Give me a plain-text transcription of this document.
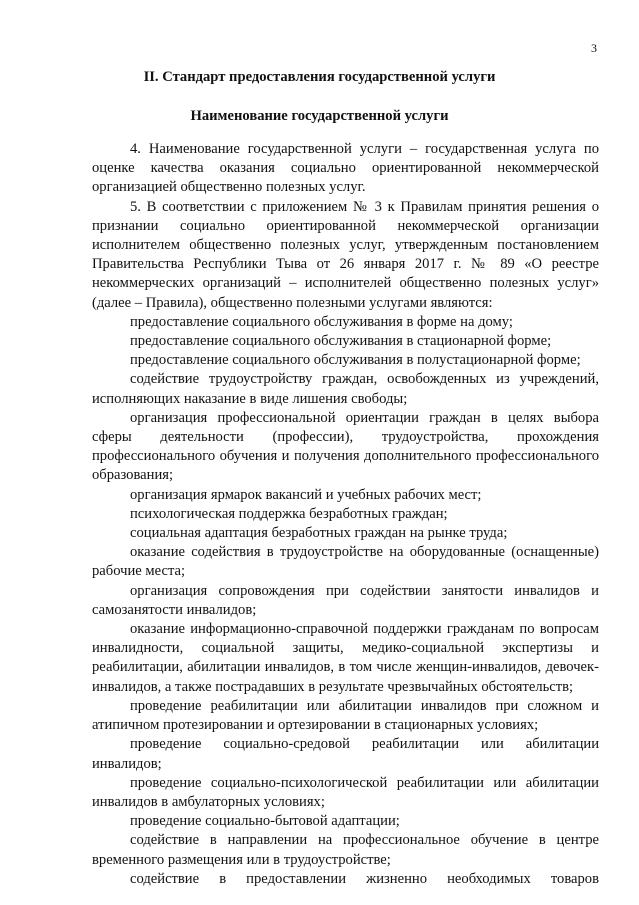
3
II. Стандарт предоставления государственной услуги
Наименование государственной услуги

4. Наименование государственной услуги – государственная услуга по оценке качества оказания социально ориентированной некоммерческой организацией общественно полезных услуг.

5. В соответствии с приложением № 3 к Правилам принятия решения о признании социально ориентированной некоммерческой организации исполнителем общественно полезных услуг, утвержденным постановлением Правительства Республики Тыва от 26 января 2017 г. № 89 «О реестре некоммерческих организаций – исполнителей общественно полезных услуг» (далее – Правила), общественно полезными услугами являются:

предоставление социального обслуживания в форме на дому;

предоставление социального обслуживания в стационарной форме;

предоставление социального обслуживания в полустационарной форме;

содействие трудоустройству граждан, освобожденных из учреждений, исполняющих наказание в виде лишения свободы;

организация профессиональной ориентации граждан в целях выбора сферы деятельности (профессии), трудоустройства, прохождения профессионального обучения и получения дополнительного профессионального образования;

организация ярмарок вакансий и учебных рабочих мест;

психологическая поддержка безработных граждан;

социальная адаптация безработных граждан на рынке труда;

оказание содействия в трудоустройстве на оборудованные (оснащенные) рабочие места;

организация сопровождения при содействии занятости инвалидов и самозанятости инвалидов;

оказание информационно-справочной поддержки гражданам по вопросам инвалидности, социальной защиты, медико-социальной экспертизы и реабилитации, абилитации инвалидов, в том числе женщин-инвалидов, девочек-инвалидов, а также пострадавших в результате чрезвычайных обстоятельств;

проведение реабилитации или абилитации инвалидов при сложном и атипичном протезировании и ортезировании в стационарных условиях;

проведение социально-средовой реабилитации или абилитации инвалидов;

проведение социально-психологической реабилитации или абилитации инвалидов в амбулаторных условиях;

проведение социально-бытовой адаптации;

содействие в направлении на профессиональное обучение в центре временного размещения или в трудоустройстве;

содействие в предоставлении жизненно необходимых товаров
